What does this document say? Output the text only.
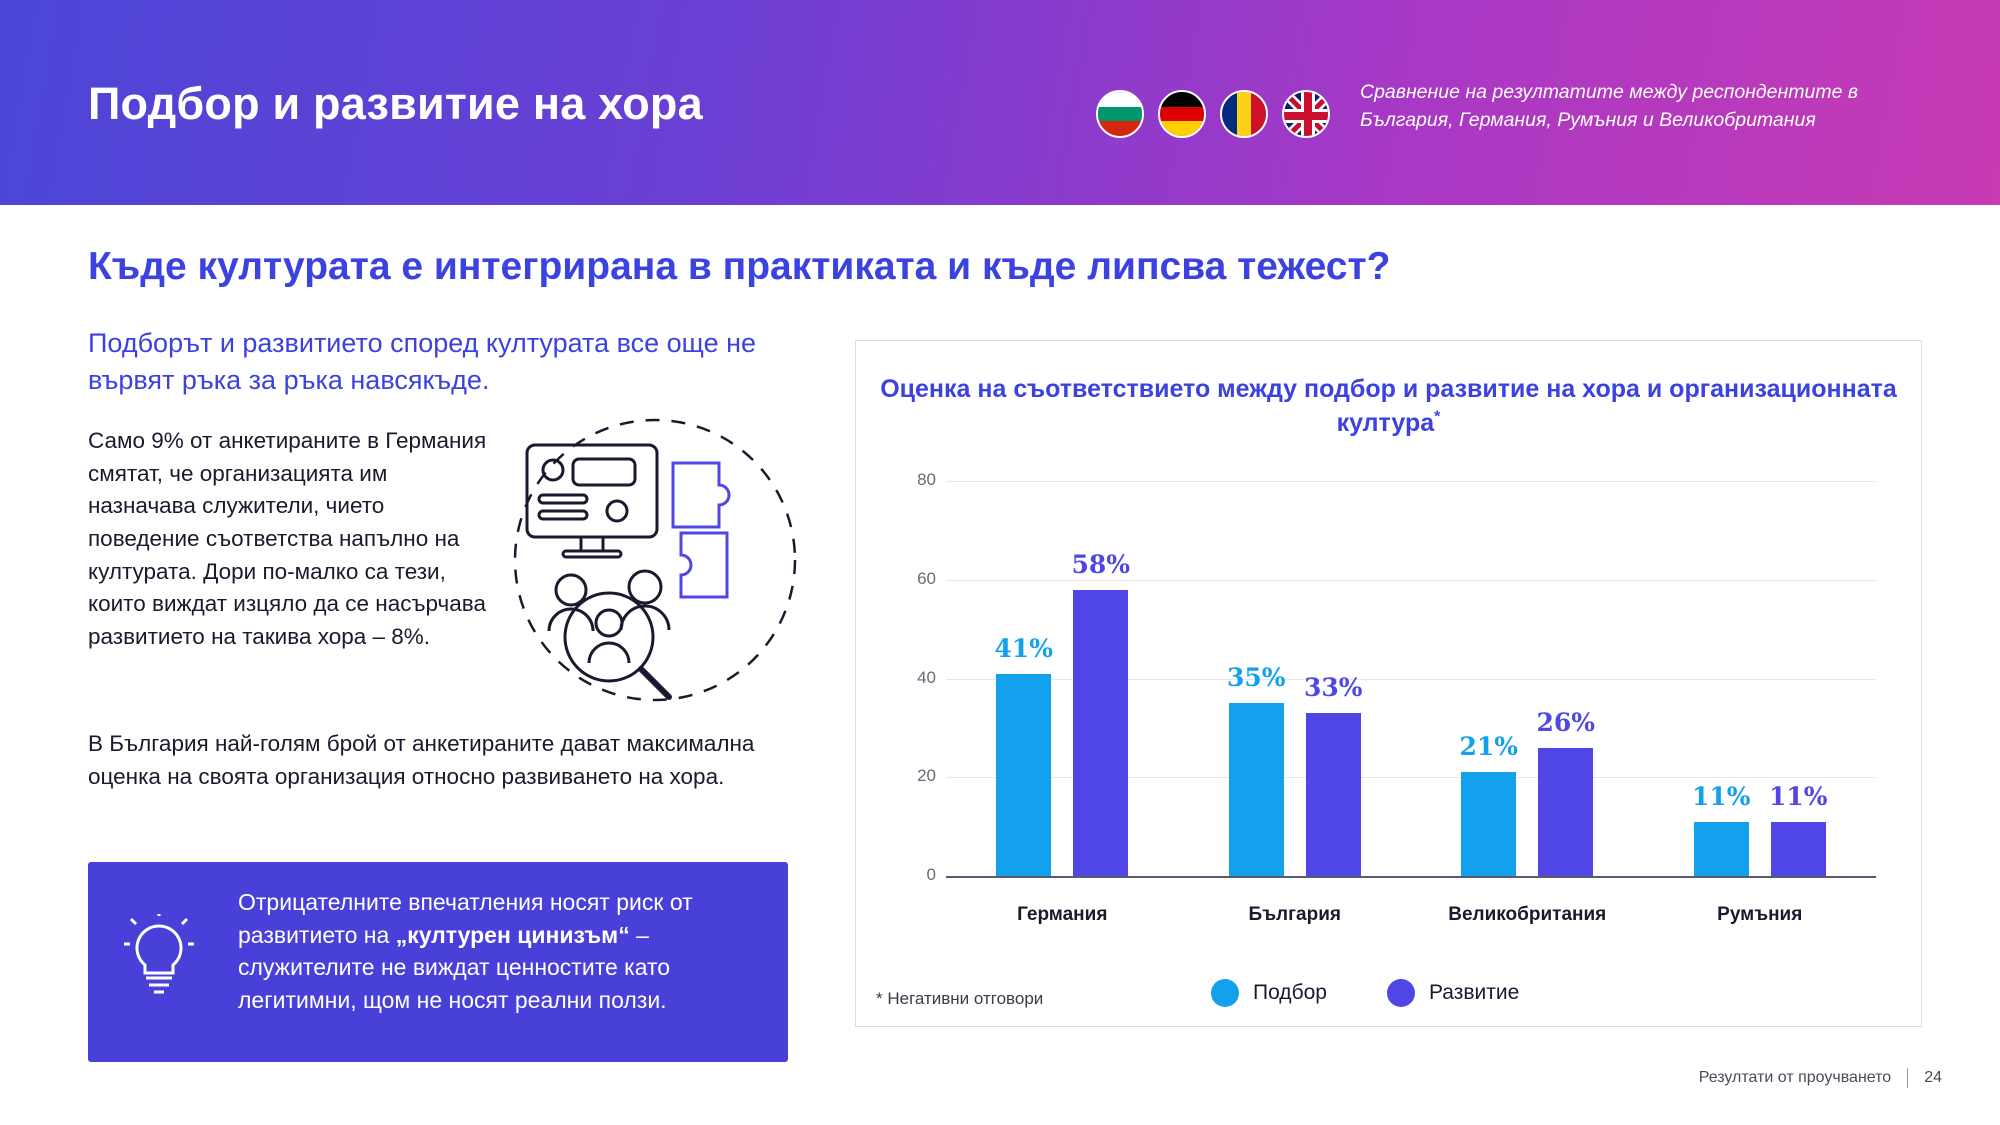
Подбор и развитие на хора	Сравнение на резултатите между респондентите в България, Германия, Румъния и Великобритания
Къде културата е интегрирана в практиката и къде липсва тежест?
Подборът и развитието според културата все още не вървят ръка за ръка навсякъде.
Само 9% от анкетираните в Германия смятат, че организацията им назначава служители, чието поведение съответства напълно на културата. Дори по-малко са тези, които виждат изцяло да се насърчава развитието на такива хора – 8%.
В България най-голям брой от анкетираните дават максимална оценка на своята организация относно развиването на хора.
Отрицателните впечатления носят риск от развитието на „културен цинизъм“ – служителите не виждат ценностите като легитимни, щом не носят реални ползи.
Оценка на съответствието между подбор и развитие на хора и организационната култура*
0
20
40
60
80
41%
58%
Германия
35% 33%
България
21%
26%
Великобритания
11% 11%
Румъния
* Негативни отговори	Подбор	Развитие
Резултати от проучването 24
